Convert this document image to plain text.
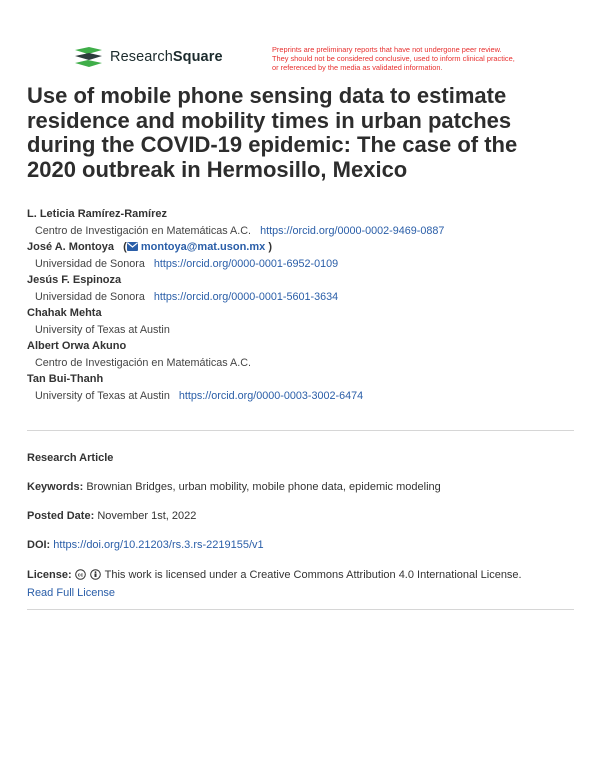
ResearchSquare	Preprints are preliminary reports that have not undergone peer review.
They should not be considered conclusive, used to inform clinical practice,
or referenced by the media as validated information.
Use of mobile phone sensing data to estimate residence and mobility times in urban patches during the COVID-19 epidemic: The case of the 2020 outbreak in Hermosillo, Mexico
L. Leticia Ramírez-Ramírez
Centro de Investigación en Matemáticas A.C. https://orcid.org/0000-0002-9469-0887
José A. Montoya   ( montoya@mat.uson.mx )
Universidad de Sonora https://orcid.org/0000-0001-6952-0109
Jesús F. Espinoza
Universidad de Sonora https://orcid.org/0000-0001-5601-3634
Chahak Mehta
University of Texas at Austin
Albert Orwa Akuno
Centro de Investigación en Matemáticas A.C.
Tan Bui-Thanh
University of Texas at Austin https://orcid.org/0000-0003-3002-6474
Research Article
Keywords: Brownian Bridges, urban mobility, mobile phone data, epidemic modeling
Posted Date: November 1st, 2022
DOI: https://doi.org/10.21203/rs.3.rs-2219155/v1
License: cc This work is licensed under a Creative Commons Attribution 4.0 International License.
Read Full License
